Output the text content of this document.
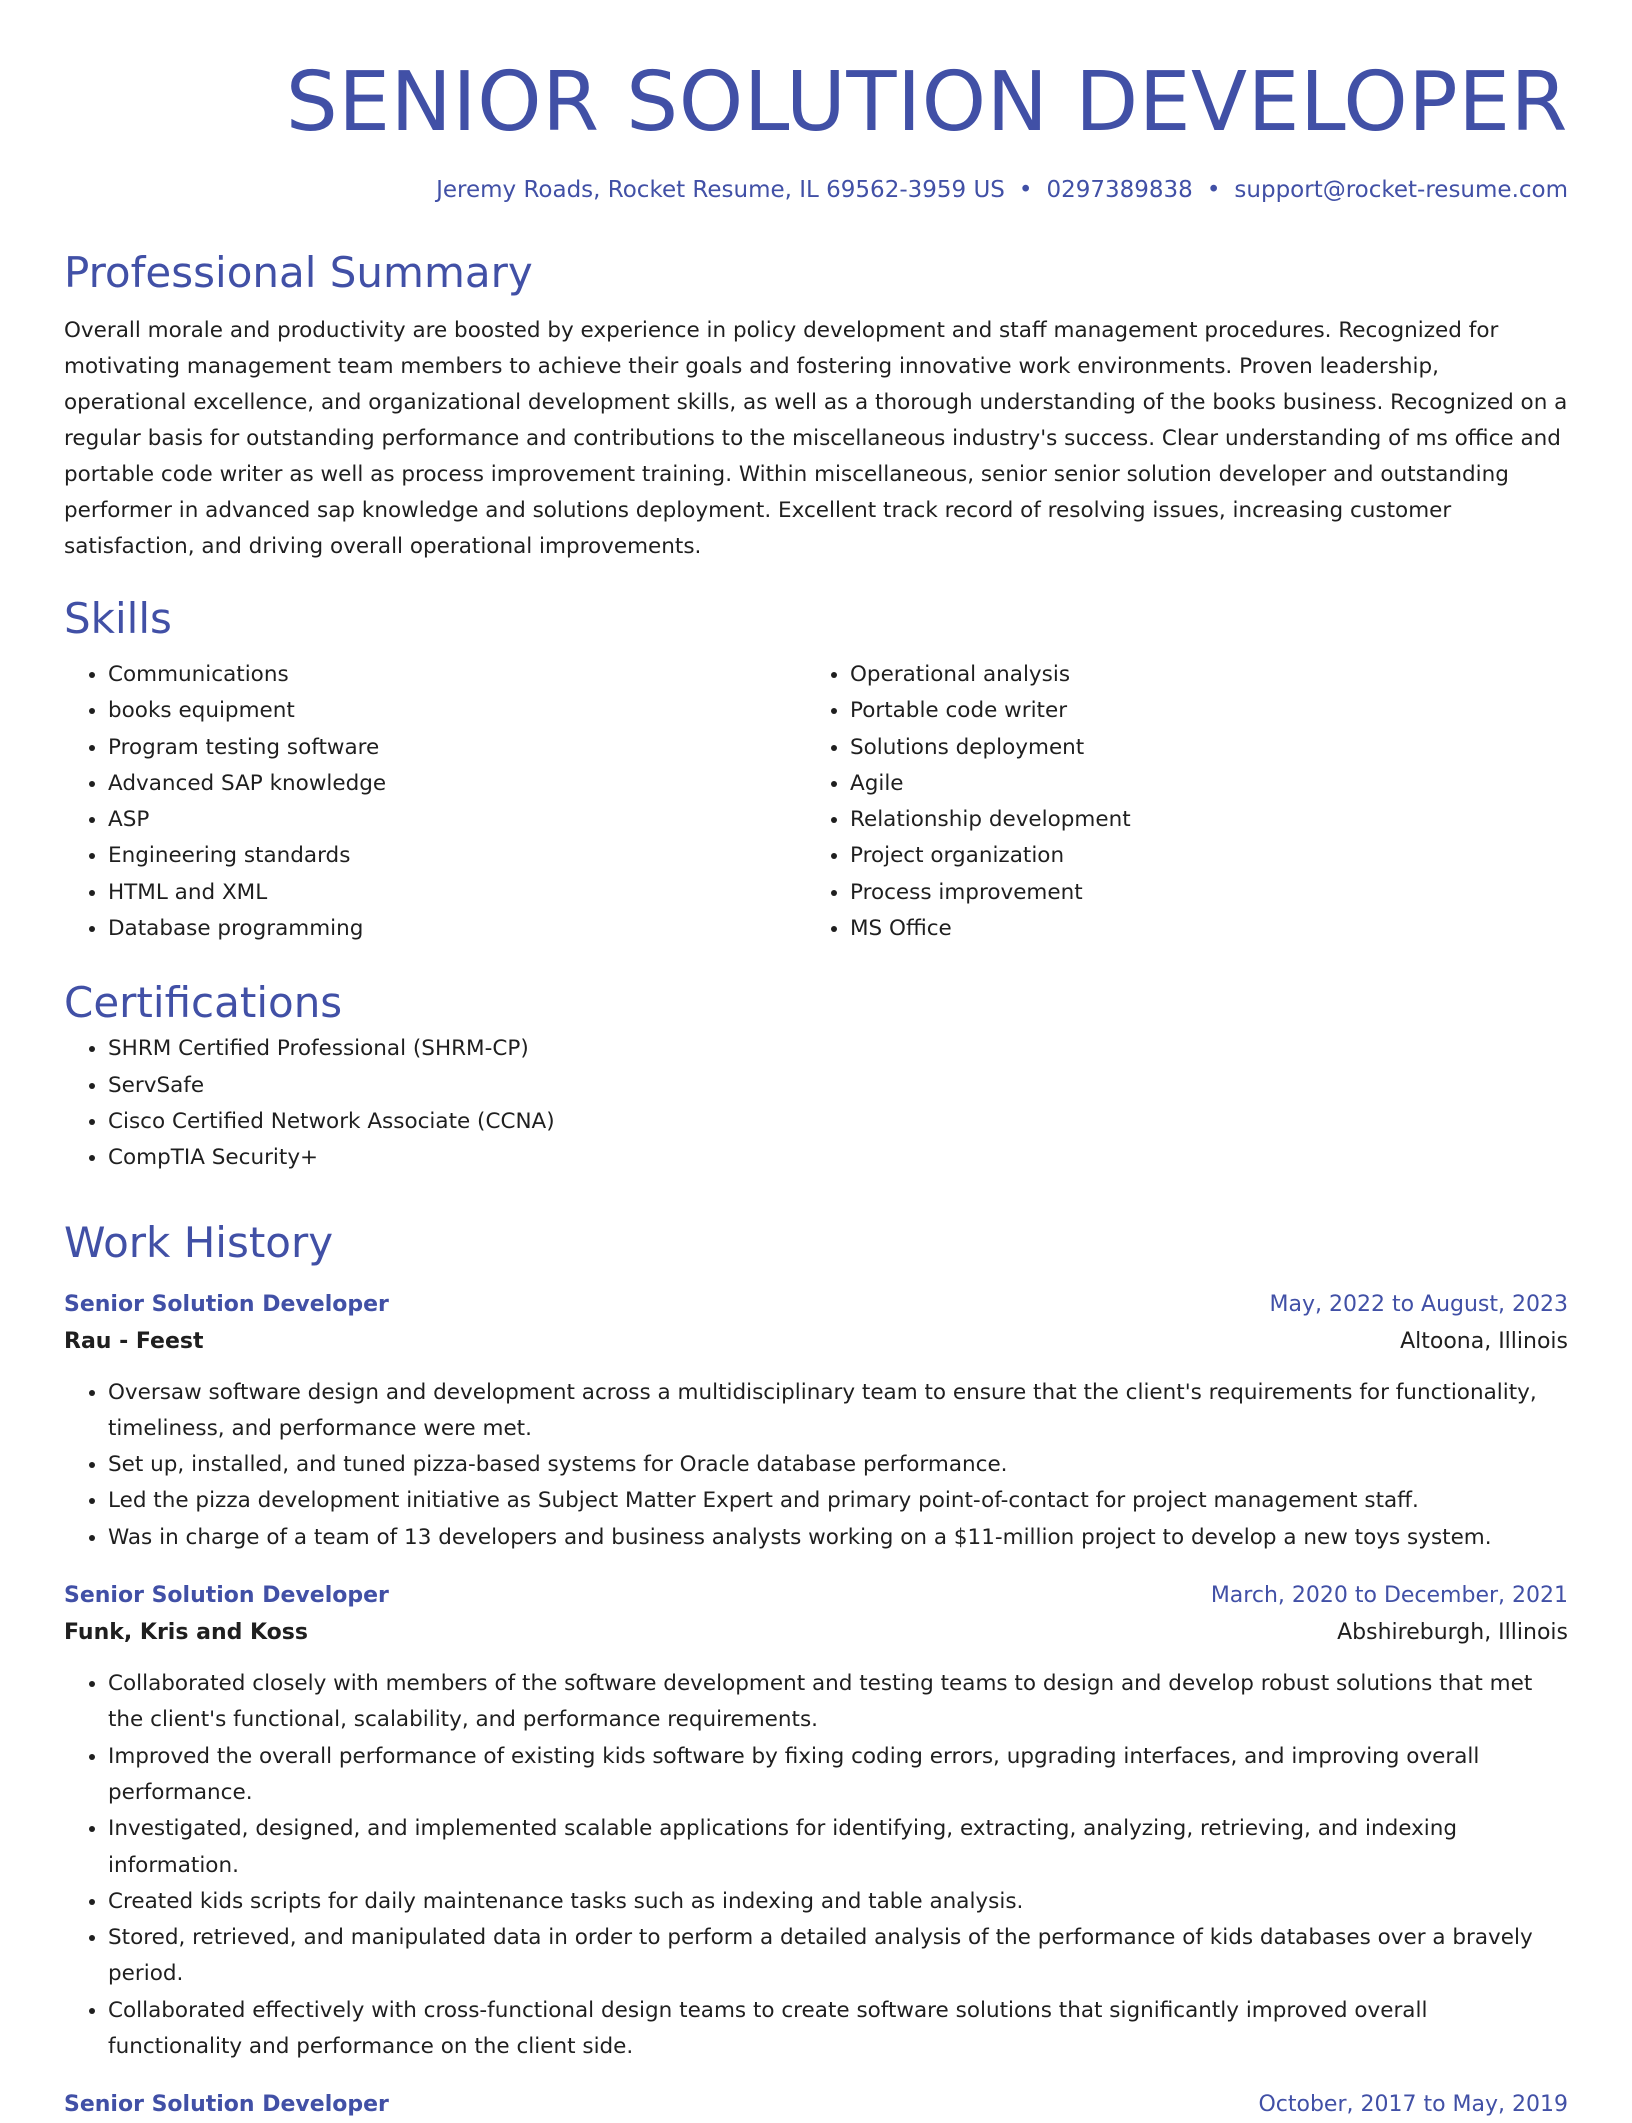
SENIOR SOLUTION DEVELOPER
Jeremy Roads, Rocket Resume, IL 69562-3959 US • 0297389838 • support@rocket-resume.com
Professional Summary

Overall morale and productivity are boosted by experience in policy development and staff management procedures. Recognized for motivating management team members to achieve their goals and fostering innovative work environments. Proven leadership, operational excellence, and organizational development skills, as well as a thorough understanding of the books business. Recognized on a regular basis for outstanding performance and contributions to the miscellaneous industry's success. Clear understanding of ms office and portable code writer as well as process improvement training. Within miscellaneous, senior senior solution developer and outstanding performer in advanced sap knowledge and solutions deployment. Excellent track record of resolving issues, increasing customer satisfaction, and driving overall operational improvements.

Skills
• Communications
• books equipment
• Program testing software
• Advanced SAP knowledge
• ASP
• Engineering standards
• HTML and XML
• Database programming
• Operational analysis
• Portable code writer
• Solutions deployment
• Agile
• Relationship development
• Project organization
• Process improvement
• MS Office
Certifications
• SHRM Certified Professional (SHRM-CP)
• ServSafe
• Cisco Certified Network Associate (CCNA)
• CompTIA Security+
Work History
Senior Solution Developer	May, 2022 to August, 2023
Rau - Feest	Altoona, Illinois
• Oversaw software design and development across a multidisciplinary team to ensure that the client's requirements for functionality, timeliness, and performance were met.
• Set up, installed, and tuned pizza-based systems for Oracle database performance.
• Led the pizza development initiative as Subject Matter Expert and primary point-of-contact for project management staff.
• Was in charge of a team of 13 developers and business analysts working on a $11-million project to develop a new toys system.
Senior Solution Developer	March, 2020 to December, 2021
Funk, Kris and Koss	Abshireburgh, Illinois
• Collaborated closely with members of the software development and testing teams to design and develop robust solutions that met the client's functional, scalability, and performance requirements.
• Improved the overall performance of existing kids software by fixing coding errors, upgrading interfaces, and improving overall performance.
• Investigated, designed, and implemented scalable applications for identifying, extracting, analyzing, retrieving, and indexing information.
• Created kids scripts for daily maintenance tasks such as indexing and table analysis.
• Stored, retrieved, and manipulated data in order to perform a detailed analysis of the performance of kids databases over a bravely period.
• Collaborated effectively with cross-functional design teams to create software solutions that significantly improved overall functionality and performance on the client side.
Senior Solution Developer	October, 2017 to May, 2019
